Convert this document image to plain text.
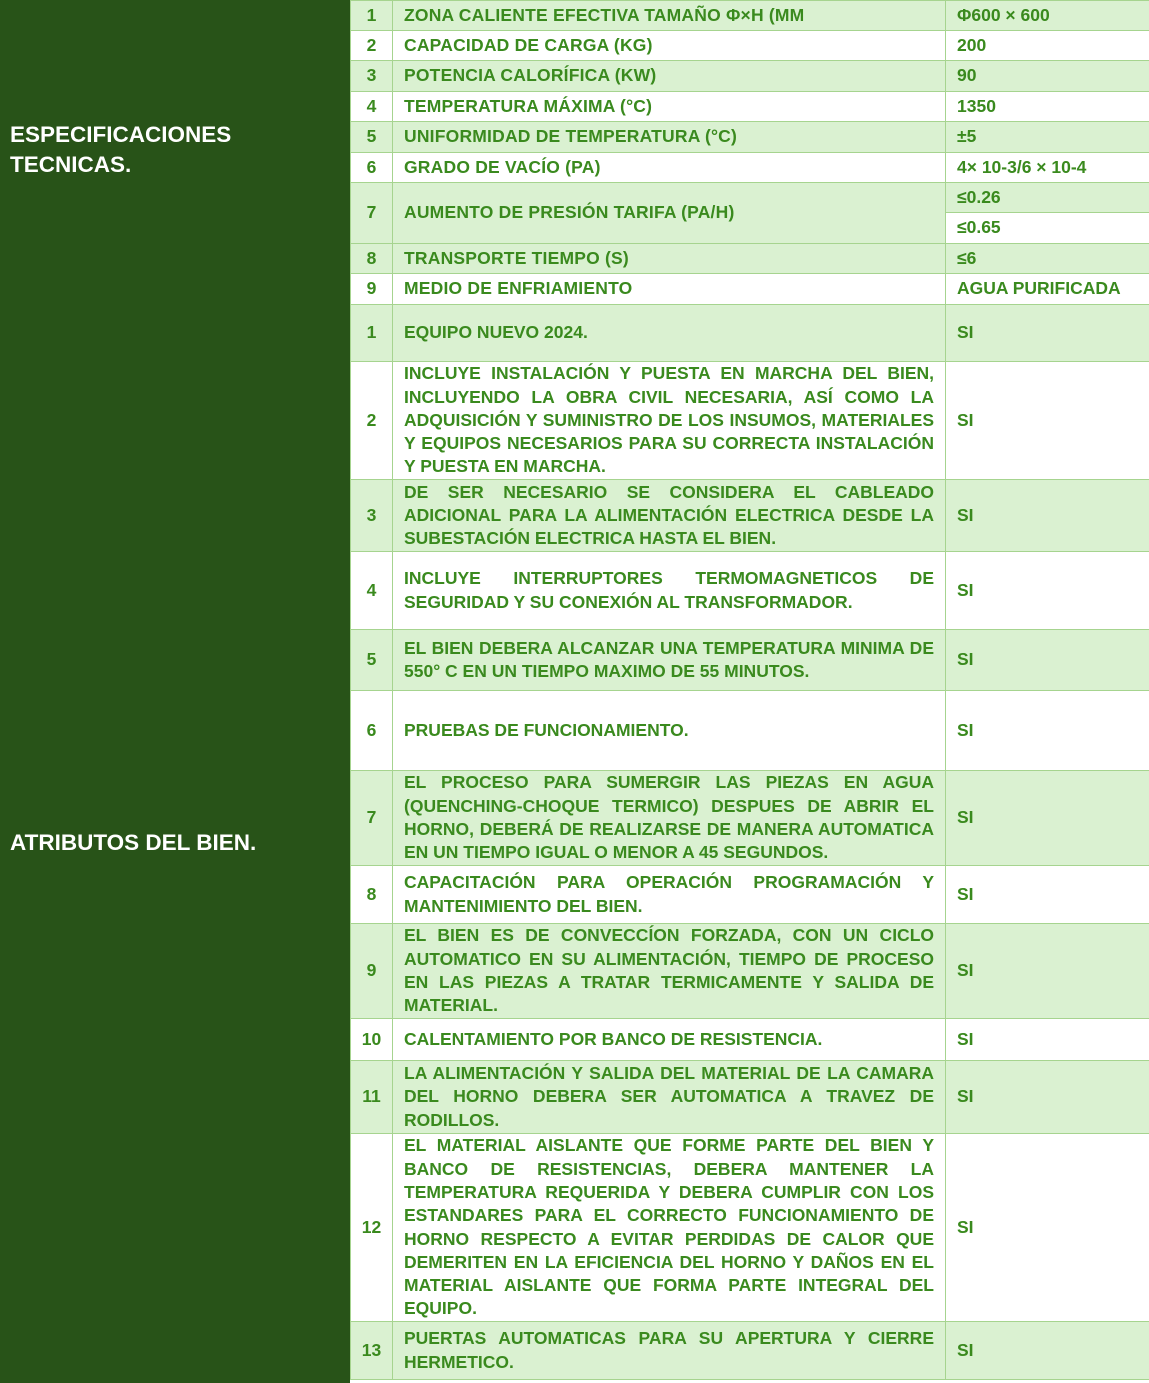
ESPECIFICACIONES TECNICAS.
ATRIBUTOS DEL BIEN.
1	ZONA CALIENTE EFECTIVA TAMAÑO Φ×H (MM	Φ600 × 600
2	CAPACIDAD DE CARGA (KG)	200
3	POTENCIA CALORÍFICA (KW)	90
4	TEMPERATURA MÁXIMA (°C)	1350
5	UNIFORMIDAD DE TEMPERATURA (°C)	±5
6	GRADO DE VACÍO (PA)	4× 10-3/6 × 10-4
7	AUMENTO DE PRESIÓN TARIFA (PA/H)	≤0.26
		≤0.65
8	TRANSPORTE TIEMPO (S)	≤6
9	MEDIO DE ENFRIAMIENTO	AGUA PURIFICADA
1	EQUIPO NUEVO 2024.	SI
2	INCLUYE INSTALACIÓN Y PUESTA EN MARCHA DEL BIEN, INCLUYENDO LA OBRA CIVIL NECESARIA, ASÍ COMO LA ADQUISICIÓN Y SUMINISTRO DE LOS INSUMOS, MATERIALES Y EQUIPOS NECESARIOS PARA SU CORRECTA INSTALACIÓN Y PUESTA EN MARCHA.	SI
3	DE SER NECESARIO SE CONSIDERA EL CABLEADO ADICIONAL PARA LA ALIMENTACIÓN ELECTRICA DESDE LA SUBESTACIÓN ELECTRICA HASTA EL BIEN.	SI
4	INCLUYE INTERRUPTORES TERMOMAGNETICOS DE SEGURIDAD Y SU CONEXIÓN AL TRANSFORMADOR.	SI
5	EL BIEN DEBERA ALCANZAR UNA TEMPERATURA MINIMA DE 550° C EN UN TIEMPO MAXIMO DE 55 MINUTOS.	SI
6	PRUEBAS DE FUNCIONAMIENTO.	SI
7	EL PROCESO PARA SUMERGIR LAS PIEZAS EN AGUA (QUENCHING-CHOQUE TERMICO) DESPUES DE ABRIR EL HORNO, DEBERÁ DE REALIZARSE DE MANERA AUTOMATICA EN UN TIEMPO IGUAL O MENOR A 45 SEGUNDOS.	SI
8	CAPACITACIÓN PARA OPERACIÓN PROGRAMACIÓN Y MANTENIMIENTO DEL BIEN.	SI
9	EL BIEN ES DE CONVECCÍON FORZADA, CON UN CICLO AUTOMATICO EN SU ALIMENTACIÓN, TIEMPO DE PROCESO EN LAS PIEZAS A TRATAR TERMICAMENTE Y SALIDA DE MATERIAL.	SI
10	CALENTAMIENTO POR BANCO DE RESISTENCIA.	SI
11	LA ALIMENTACIÓN Y SALIDA DEL MATERIAL DE LA CAMARA DEL HORNO DEBERA SER AUTOMATICA A TRAVEZ DE RODILLOS.	SI
12	EL MATERIAL AISLANTE QUE FORME PARTE DEL BIEN Y BANCO DE RESISTENCIAS, DEBERA MANTENER LA TEMPERATURA REQUERIDA Y DEBERA CUMPLIR CON LOS ESTANDARES PARA EL CORRECTO FUNCIONAMIENTO DE HORNO RESPECTO A EVITAR PERDIDAS DE CALOR QUE DEMERITEN EN LA EFICIENCIA DEL HORNO Y DAÑOS EN EL MATERIAL AISLANTE QUE FORMA PARTE INTEGRAL DEL EQUIPO.	SI
13	PUERTAS AUTOMATICAS PARA SU APERTURA Y CIERRE HERMETICO.	SI
